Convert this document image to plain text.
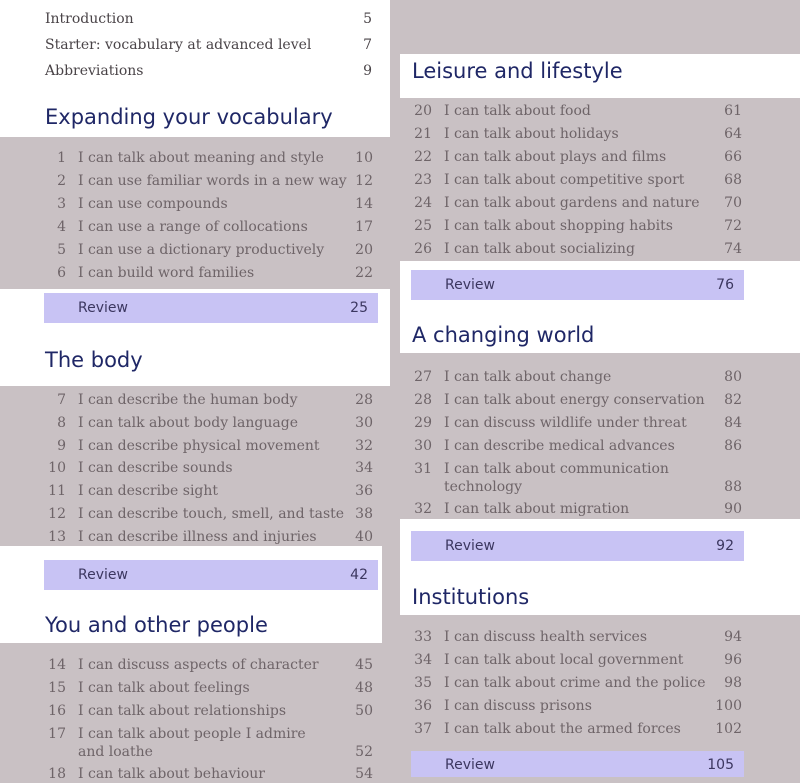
Introduction	5
Starter: vocabulary at advanced level	7
Abbreviations	9
Expanding your vocabulary
1 I can talk about meaning and style 10
2 I can use familiar words in a new way 12
3 I can use compounds	14
4 I can use a range of collocations	17
5 I can use a dictionary productively 20
6 I can build word families	22
Review	25
The body
7 I can describe the human body	28
8 I can talk about body language	30
9 I can describe physical movement	32
10 I can describe sounds	34
11 I can describe sight	36
12 I can describe touch, smell, and taste 38
13 I can describe illness and injuries	40
Review	42
You and other people
14 I can discuss aspects of character	45
15 I can talk about feelings	48
16 I can talk about relationships	50
17 I can talk about people I admire and loathe	52
18 I can talk about behaviour	54
Leisure and lifestyle
20 I can talk about food	61
21 I can talk about holidays	64
22 I can talk about plays and films	66
23 I can talk about competitive sport	68
24 I can talk about gardens and nature 70
25 I can talk about shopping habits	72
26 I can talk about socializing	74
Review	76
A changing world
27 I can talk about change	80
28 I can talk about energy conservation 82
29 I can discuss wildlife under threat	84
30 I can describe medical advances	86
31 I can talk about communication technology	88
32 I can talk about migration	90
Review	92
Institutions
33 I can discuss health services	94
34 I can talk about local government	96
35 I can talk about crime and the police 98
36 I can discuss prisons	100
37 I can talk about the armed forces 102
Review	105
